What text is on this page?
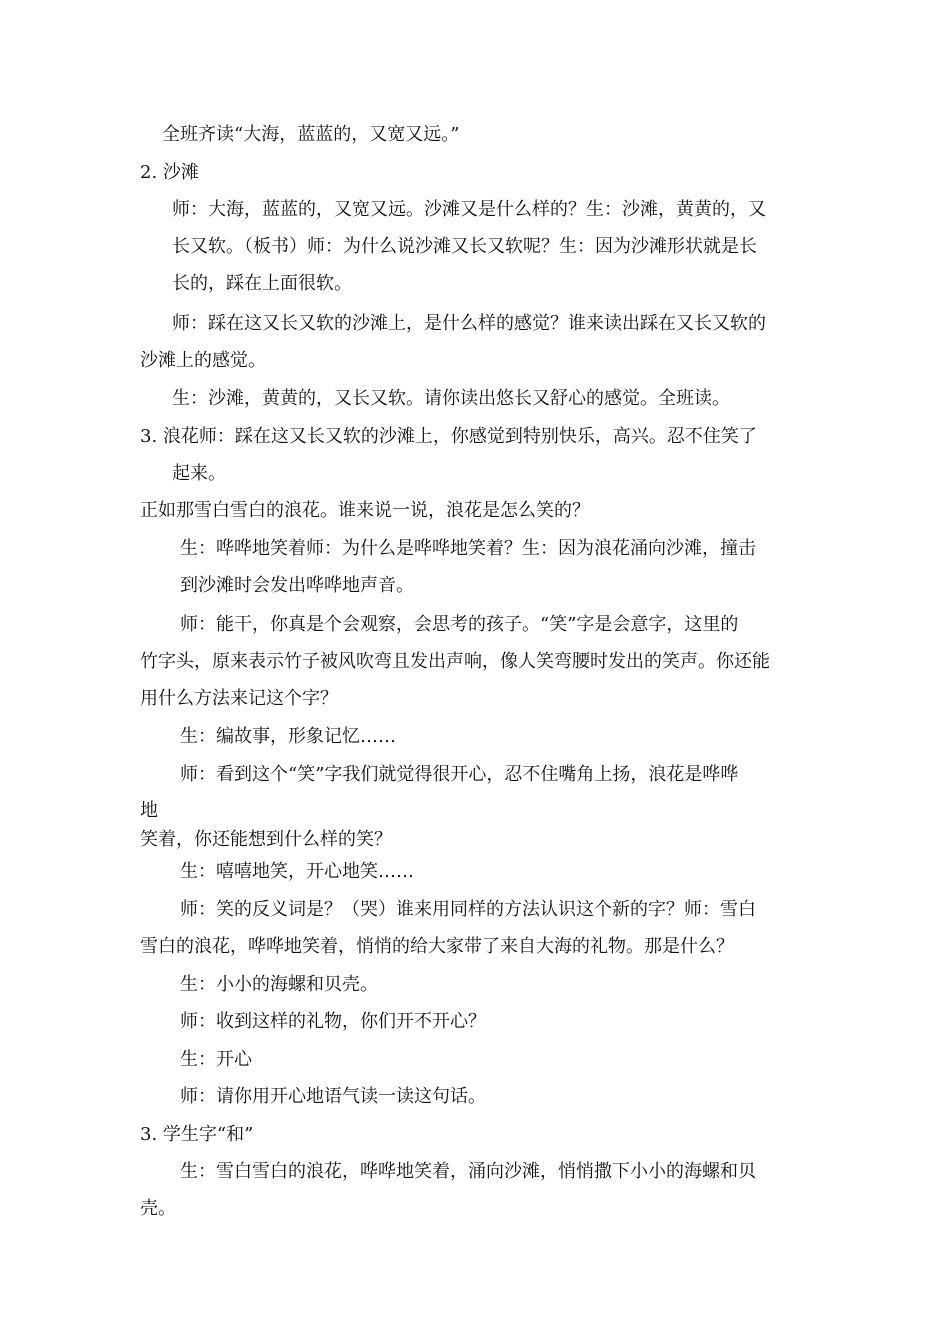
全班齐读“大海，蓝蓝的，又宽又远。”
2. 沙滩
师：大海，蓝蓝的，又宽又远。沙滩又是什么样的？生：沙滩，黄黄的，又
长又软。（板书）师：为什么说沙滩又长又软呢？生：因为沙滩形状就是长
长的，踩在上面很软。
师：踩在这又长又软的沙滩上，是什么样的感觉？谁来读出踩在又长又软的
沙滩上的感觉。
生：沙滩，黄黄的，又长又软。请你读出悠长又舒心的感觉。全班读。
3. 浪花师：踩在这又长又软的沙滩上，你感觉到特别快乐，高兴。忍不住笑了
起来。
正如那雪白雪白的浪花。谁来说一说，浪花是怎么笑的？
生：哗哗地笑着师：为什么是哗哗地笑着？生：因为浪花涌向沙滩，撞击
到沙滩时会发出哗哗地声音。
师：能干，你真是个会观察，会思考的孩子。“笑”字是会意字，这里的
竹字头，原来表示竹子被风吹弯且发出声响，像人笑弯腰时发出的笑声。你还能
用什么方法来记这个字？
生：编故事，形象记忆……
师：看到这个“笑”字我们就觉得很开心，忍不住嘴角上扬，浪花是哗哗
地
笑着，你还能想到什么样的笑？
生：嘻嘻地笑，开心地笑……
师：笑的反义词是？（哭）谁来用同样的方法认识这个新的字？师：雪白
雪白的浪花，哗哗地笑着，悄悄的给大家带了来自大海的礼物。那是什么？
生：小小的海螺和贝壳。
师：收到这样的礼物，你们开不开心？
生：开心
师：请你用开心地语气读一读这句话。
3. 学生字“和”
生：雪白雪白的浪花，哗哗地笑着，涌向沙滩，悄悄撒下小小的海螺和贝
壳。
